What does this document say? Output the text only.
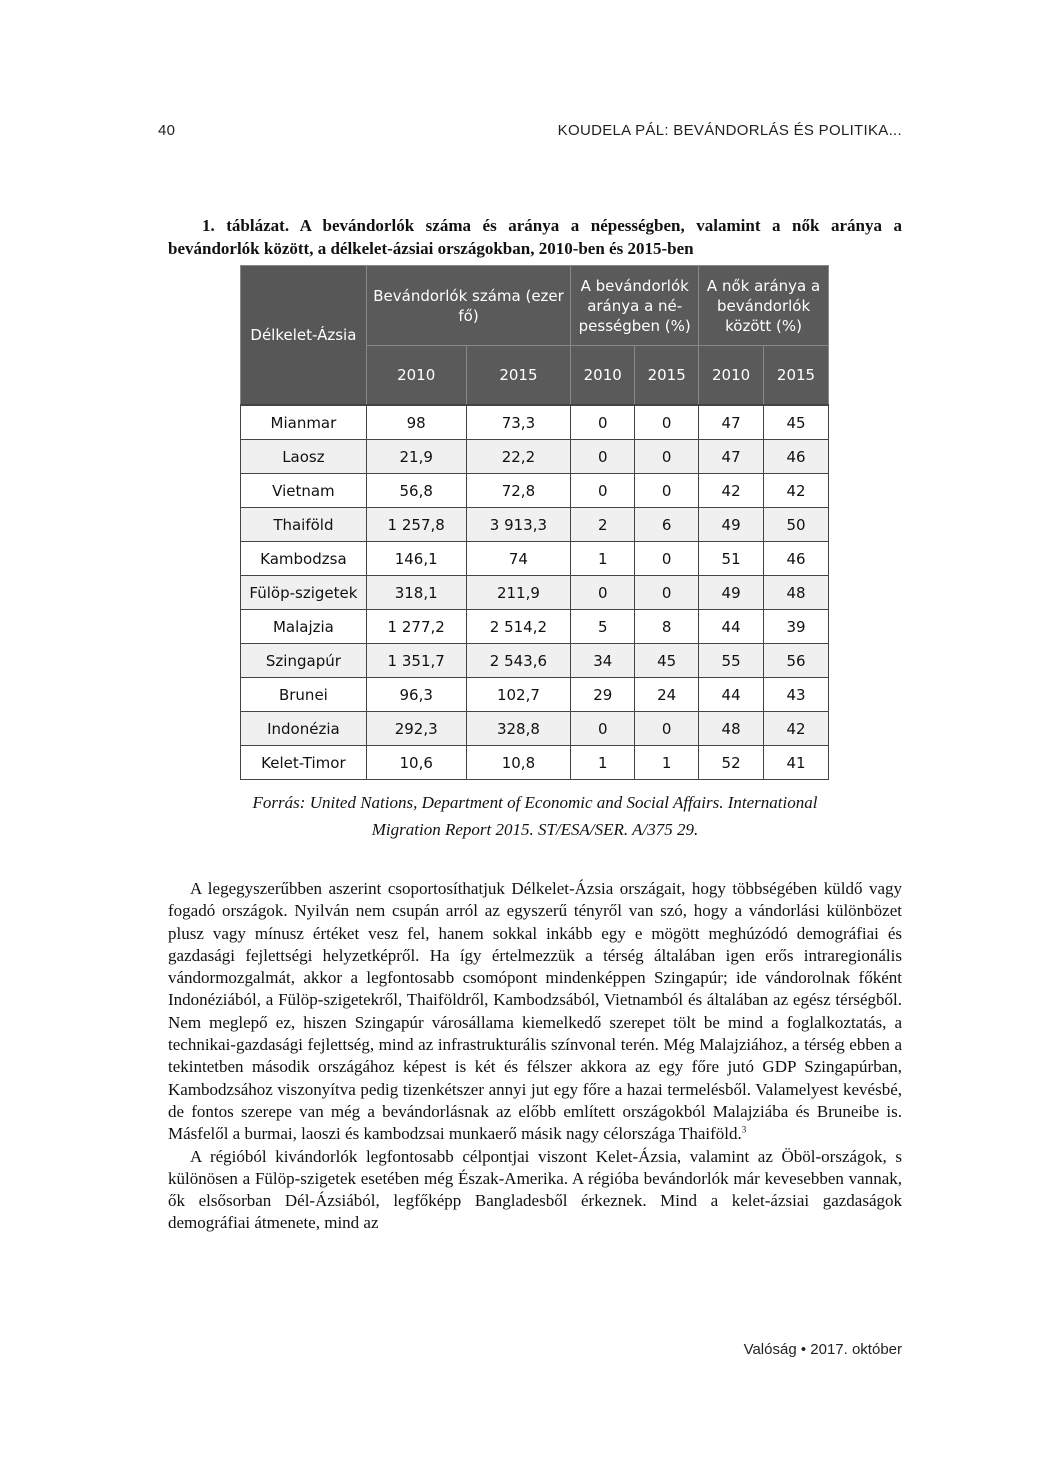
40	KOUDELA PÁL: BEVÁNDORLÁS ÉS POLITIKA...
1. táblázat. A bevándorlók száma és aránya a népességben, valamint a nők aránya a bevándorlók között, a délkelet-ázsiai országokban, 2010-ben és 2015-ben
Délkelet-Ázsia	Bevándorlók száma (ezer fő)		A bevándorlók aránya a népességben (%)		A nők aránya a bevándorlók között (%)	
	2010	2015	2010	2015	2010	2015
Mianmar	98	73,3	0	0	47	45
Laosz	21,9	22,2	0	0	47	46
Vietnam	56,8	72,8	0	0	42	42
Thaiföld	1 257,8	3 913,3	2	6	49	50
Kambodzsa	146,1	74	1	0	51	46
Fülöp-szigetek	318,1	211,9	0	0	49	48
Malajzia	1 277,2	2 514,2	5	8	44	39
Szingapúr	1 351,7	2 543,6	34	45	55	56
Brunei	96,3	102,7	29	24	44	43
Indonézia	292,3	328,8	0	0	48	42
Kelet-Timor	10,6	10,8	1	1	52	41
Forrás: United Nations, Department of Economic and Social Affairs. International
Migration Report 2015. ST/ESA/SER. A/375 29.

A legegyszerűbben aszerint csoportosíthatjuk Délkelet-Ázsia országait, hogy többségében küldő vagy fogadó országok. Nyilván nem csupán arról az egyszerű tényről van szó, hogy a vándorlási különbözet plusz vagy mínusz értéket vesz fel, hanem sokkal inkább egy e mögött meghúzódó demográfiai és gazdasági fejlettségi helyzetképről. Ha így értelmezzük a térség általában igen erős intraregionális vándormozgalmát, akkor a legfontosabb csomópont mindenképpen Szingapúr; ide vándorolnak főként Indonéziából, a Fülöp-szigetekről, Thaiföldről, Kambodzsából, Vietnamból és általában az egész térségből. Nem meglepő ez, hiszen Szingapúr városállama kiemelkedő szerepet tölt be mind a foglalkoztatás, a technikai-gazdasági fejlettség, mind az infrastrukturális színvonal terén. Még Malajziához, a térség ebben a tekintetben második országához képest is két és félszer akkora az egy főre jutó GDP Szingapúrban, Kambodzsához viszonyítva pedig tizenkétszer annyi jut egy főre a hazai termelésből. Valamelyest kevésbé, de fontos szerepe van még a bevándorlásnak az előbb említett országokból Malajziába és Bruneibe is. Másfelől a burmai, laoszi és kambodzsai munkaerő másik nagy célországa Thaiföld.$^3$

A régióból kivándorlók legfontosabb célpontjai viszont Kelet-Ázsia, valamint az Öböl-országok, s különösen a Fülöp-szigetek esetében még Észak-Amerika. A régióba bevándorlók már kevesebben vannak, ők elsősorban Dél-Ázsiából, legfőképp Bangladesből érkeznek. Mind a kelet-ázsiai gazdaságok demográfiai átmenete, mind az

Valóság • 2017. október
